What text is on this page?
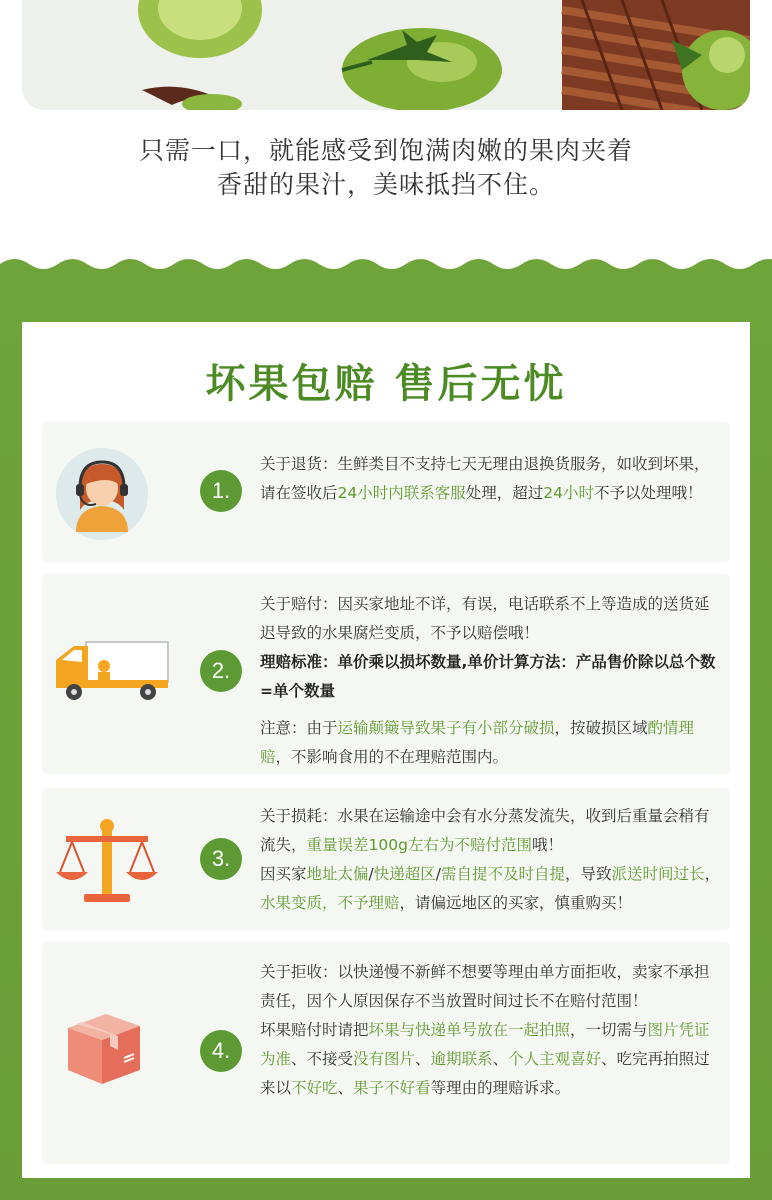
只需一口，就能感受到饱满肉嫩的果肉夹着
香甜的果汁，美味抵挡不住。
坏果包赔 售后无忧
1.

关于退货：生鲜类目不支持七天无理由退换货服务，如收到坏果，请在签收后24小时内联系客服处理，超过24小时不予以处理哦！

2.

关于赔付：因买家地址不详，有误，电话联系不上等造成的送货延迟导致的水果腐烂变质，不予以赔偿哦！

理赔标准：单价乘以损坏数量,单价计算方法：产品售价除以总个数=单个数量

注意：由于运输颠簸导致果子有小部分破损，按破损区域酌情理赔，不影响食用的不在理赔范围内。

3.

关于损耗：水果在运输途中会有水分蒸发流失，收到后重量会稍有流失，重量误差100g左右为不赔付范围哦！

因买家地址太偏/快递超区/需自提不及时自提，导致派送时间过长，水果变质，不予理赔，请偏远地区的买家，慎重购买！

4.

关于拒收：以快递慢不新鲜不想要等理由单方面拒收，卖家不承担责任，因个人原因保存不当放置时间过长不在赔付范围！

坏果赔付时请把坏果与快递单号放在一起拍照，一切需与图片凭证为准、不接受没有图片、逾期联系、个人主观喜好、吃完再拍照过来以不好吃、果子不好看等理由的理赔诉求。
